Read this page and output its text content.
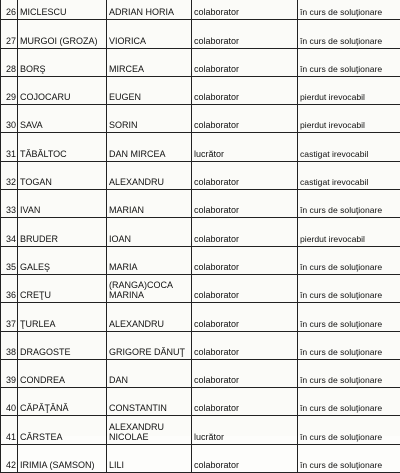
26	MICLESCU	ADRIAN HORIA	colaborator	în curs de soluţionare
27	MURGOI (GROZA)	VIORICA	colaborator	în curs de soluţionare
28	BORŞ	MIRCEA	colaborator	în curs de soluţionare
29	COJOCARU	EUGEN	colaborator	pierdut irevocabil
30	SAVA	SORIN	colaborator	pierdut irevocabil
31	TĂBĂLTOC	DAN MIRCEA	lucrător	castigat irevocabil
32	TOGAN	ALEXANDRU	colaborator	castigat irevocabil
33	IVAN	MARIAN	colaborator	în curs de soluţionare
34	BRUDER	IOAN	colaborator	pierdut irevocabil
35	GALEŞ	MARIA	colaborator	în curs de soluţionare
36	CREŢU	(RANGA)COCA MARINA	colaborator	în curs de soluţionare
37	ŢURLEA	ALEXANDRU	colaborator	în curs de soluţionare
38	DRAGOSTE	GRIGORE DĂNUŢ	colaborator	în curs de soluţionare
39	CONDREA	DAN	colaborator	în curs de soluţionare
40	CĂPĂŢÂNĂ	CONSTANTIN	colaborator	în curs de soluţionare
41	CÂRSTEA	ALEXANDRU NICOLAE	lucrător	în curs de soluţionare
42	IRIMIA (SAMSON)	LILI	colaborator	în curs de soluţionare
